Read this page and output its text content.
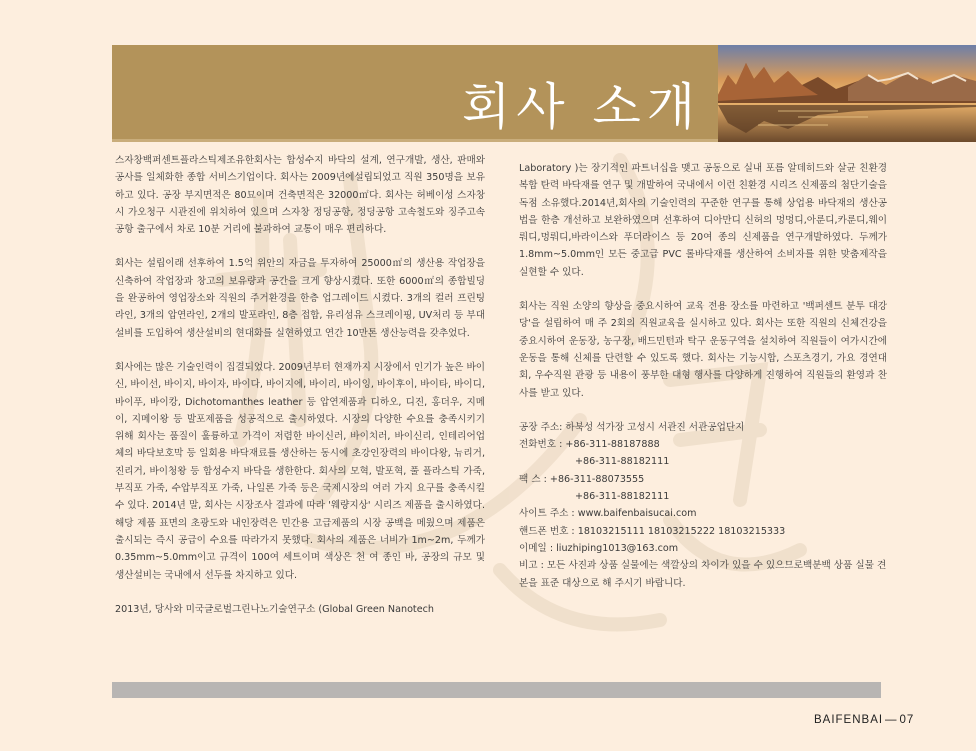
회사 소개

스자창백퍼센트플라스틱제조유한회사는 합성수지 바닥의 설계, 연구개발, 생산, 판매와 공사를 일체화한 종합 서비스기업이다. 회사는 2009년에설립되었고 직원 350명을 보유하고 있다. 공장 부지면적은 80묘이며 건축면적은 32000㎡다. 회사는 허베이성 스자창시 가오청구 시관진에 위치하여 있으며 스자창 정딩공항, 정딩공항 고속철도와 징주고속공항 출구에서 차로 10분 거리에 불과하여 교통이 매우 편리하다.

회사는 설립이래 선후하여 1.5억 위안의 자금을 투자하여 25000㎡의 생산용 작업장을 신축하여 작업장과 창고의 보유량과 공간을 크게 향상시켰다. 또한 6000㎡의 종합빌딩을 완공하여 영업장소와 직원의 주거환경을 한층 업그레이드 시켰다. 3개의 컬러 프린팅 라인, 3개의 압연라인, 2개의 발포라인, 8층 접합, 유리섬유 스크레이핑, UV처리 등 부대설비를 도입하여 생산설비의 현대화를 실현하였고 연간 10만톤 생산능력을 갖추었다.

회사에는 많은 기술인력이 집결되었다. 2009년부터 현재까지 시장에서 인기가 높은 바이신, 바이선, 바이지, 바이자, 바이다, 바이지에, 바이리, 바이잉, 바이후이, 바이타, 바이디, 바이푸, 바이캉, Dichotomanthes leather 등 압연제품과 디하오, 디진, 홍더우, 지메이, 지메이왕 등 발포제품을 성공적으로 출시하였다. 시장의 다양한 수요를 충족시키기 위해 회사는 품질이 훌륭하고 가격이 저렴한 바이신러, 바이치러, 바이신리, 인테리어업체의 바닥보호막 등 일회용 바닥재료를 생산하는 동시에 초강인장력의 바이다왕, 뉴리거, 진리거, 바이청왕 등 합성수지 바닥을 생한한다. 회사의 모혁, 발포혁, 풀 플라스틱 가죽, 부직포 가죽, 수압부직포 가죽, 나일론 가죽 등은 국제시장의 여러 가지 요구를 충족시킬 수 있다. 2014년 말, 회사는 시장조사 결과에 따라 '웨량지상' 시리즈 제품을 출시하였다. 해당 제품 표면의 초광도와 내인장력은 민간용 고급제품의 시장 공백을 메웠으며 제품은 출시되는 즉시 공급이 수요를 따라가지 못했다. 회사의 제품은 너비가 1m~2m, 두께가 0.35mm~5.0mm이고 규격이 100여 세트이며 색상은 천 여 종인 바, 공장의 규모 및 생산설비는 국내에서 선두를 차지하고 있다.

2013년, 당사와 미국글로벌그린나노기술연구소 (Global Green Nanotech

Laboratory )는 장기적인 파트너십을 맺고 공동으로 실내 포름 알데히드와 살균 친환경 복합 탄력 바닥재를 연구 및 개발하여 국내에서 이런 친환경 시리즈 신제품의 첨단기술을 독점 소유했다.2014년,회사의 기술인력의 꾸준한 연구를 통해 상업용 바닥재의 생산공법을 한층 개선하고 보완하였으며 선후하여 디아만디 신허의 멍멍디,아룬디,카룬디,웨이뤄디,멍뤄디,바라이스와 푸더라이스 등 20여 종의 신제품을 연구개발하였다. 두께가 1.8mm~5.0mm인 모든 중고급 PVC 롤바닥재를 생산하여 소비자를 위한 맞춤제작을 실현할 수 있다.

회사는 직원 소양의 향상을 중요시하여 교육 전용 장소를 마련하고 '백퍼센트 분투 대강당'을 설립하여 매 주 2회의 직원교육을 실시하고 있다. 회사는 또한 직원의 신체건강을 중요시하여 운동장, 농구장, 배드민턴과 탁구 운동구역을 설치하여 직원들이 여가시간에 운동을 통해 신체를 단련할 수 있도록 했다. 회사는 기능시합, 스포츠경기, 가요 경연대회, 우수직원 관광 등 내용이 풍부한 대형 행사를 다양하게 진행하여 직원들의 환영과 찬사를 받고 있다.

공장 주소: 하북성 석가장 고성시 서관진 서관공업단지
전화번호 : +86-311-88187888
+86-311-88182111
팩 스 : +86-311-88073555
+86-311-88182111
사이트 주소 : www.baifenbaisucai.com
핸드폰 번호 : 18103215111 18103215222 18103215333
이메일 : liuzhiping1013@163.com
비고 : 모든 사진과 상품 실물에는 색깔상의 차이가 있을 수 있으므로백분백 상품 실물 견본을 표준 대상으로 해 주시기 바랍니다.
BAIFENBAI — 07
